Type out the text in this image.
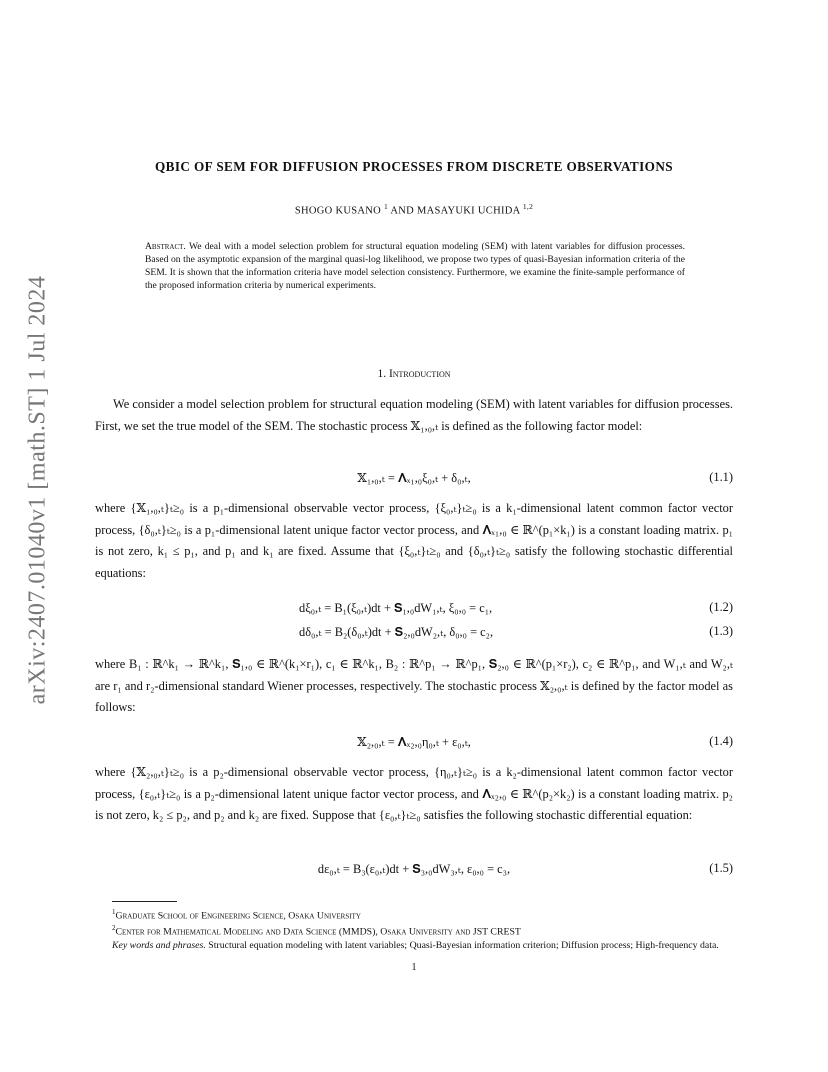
arXiv:2407.01040v1 [math.ST] 1 Jul 2024
QBIC OF SEM FOR DIFFUSION PROCESSES FROM DISCRETE OBSERVATIONS
SHOGO KUSANO $^1$ AND MASAYUKI UCHIDA $^{1,2}$
Abstract. We deal with a model selection problem for structural equation modeling (SEM) with latent variables for diffusion processes. Based on the asymptotic expansion of the marginal quasi-log likelihood, we propose two types of quasi-Bayesian information criteria of the SEM. It is shown that the information criteria have model selection consistency. Furthermore, we examine the finite-sample performance of the proposed information criteria by numerical experiments.
1. Introduction
We consider a model selection problem for structural equation modeling (SEM) with latent variables for diffusion processes. First, we set the true model of the SEM. The stochastic process 𝕏₁,₀,ₜ is defined as the following factor model:
𝕏₁,₀,ₜ = 𝚲ₓ₁,₀ξ₀,ₜ + δ₀,ₜ,	(1.1)
where {𝕏₁,₀,ₜ}ₜ≥₀ is a p₁-dimensional observable vector process, {ξ₀,ₜ}ₜ≥₀ is a k₁-dimensional latent common factor vector process, {δ₀,ₜ}ₜ≥₀ is a p₁-dimensional latent unique factor vector process, and 𝚲ₓ₁,₀ ∈ ℝ^(p₁×k₁) is a constant loading matrix. p₁ is not zero, k₁ ≤ p₁, and p₁ and k₁ are fixed. Assume that {ξ₀,ₜ}ₜ≥₀ and {δ₀,ₜ}ₜ≥₀ satisfy the following stochastic differential equations:
dξ₀,ₜ = B₁(ξ₀,ₜ)dt + 𝐒₁,₀dW₁,ₜ, ξ₀,₀ = c₁,	(1.2)
dδ₀,ₜ = B₂(δ₀,ₜ)dt + 𝐒₂,₀dW₂,ₜ, δ₀,₀ = c₂,	(1.3)
where B₁ : ℝ^k₁ → ℝ^k₁, 𝐒₁,₀ ∈ ℝ^(k₁×r₁), c₁ ∈ ℝ^k₁, B₂ : ℝ^p₁ → ℝ^p₁, 𝐒₂,₀ ∈ ℝ^(p₁×r₂), c₂ ∈ ℝ^p₁, and W₁,ₜ and W₂,ₜ are r₁ and r₂-dimensional standard Wiener processes, respectively. The stochastic process 𝕏₂,₀,ₜ is defined by the factor model as follows:
𝕏₂,₀,ₜ = 𝚲ₓ₂,₀η₀,ₜ + ε₀,ₜ,	(1.4)
where {𝕏₂,₀,ₜ}ₜ≥₀ is a p₂-dimensional observable vector process, {η₀,ₜ}ₜ≥₀ is a k₂-dimensional latent common factor vector process, {ε₀,ₜ}ₜ≥₀ is a p₂-dimensional latent unique factor vector process, and 𝚲ₓ₂,₀ ∈ ℝ^(p₂×k₂) is a constant loading matrix. p₂ is not zero, k₂ ≤ p₂, and p₂ and k₂ are fixed. Suppose that {ε₀,ₜ}ₜ≥₀ satisfies the following stochastic differential equation:
dε₀,ₜ = B₃(ε₀,ₜ)dt + 𝐒₃,₀dW₃,ₜ, ε₀,₀ = c₃,	(1.5)

$^1$Graduate School of Engineering Science, Osaka University

$^2$Center for Mathematical Modeling and Data Science (MMDS), Osaka University and JST CREST

Key words and phrases. Structural equation modeling with latent variables; Quasi-Bayesian information criterion; Diffusion process; High-frequency data.

1
